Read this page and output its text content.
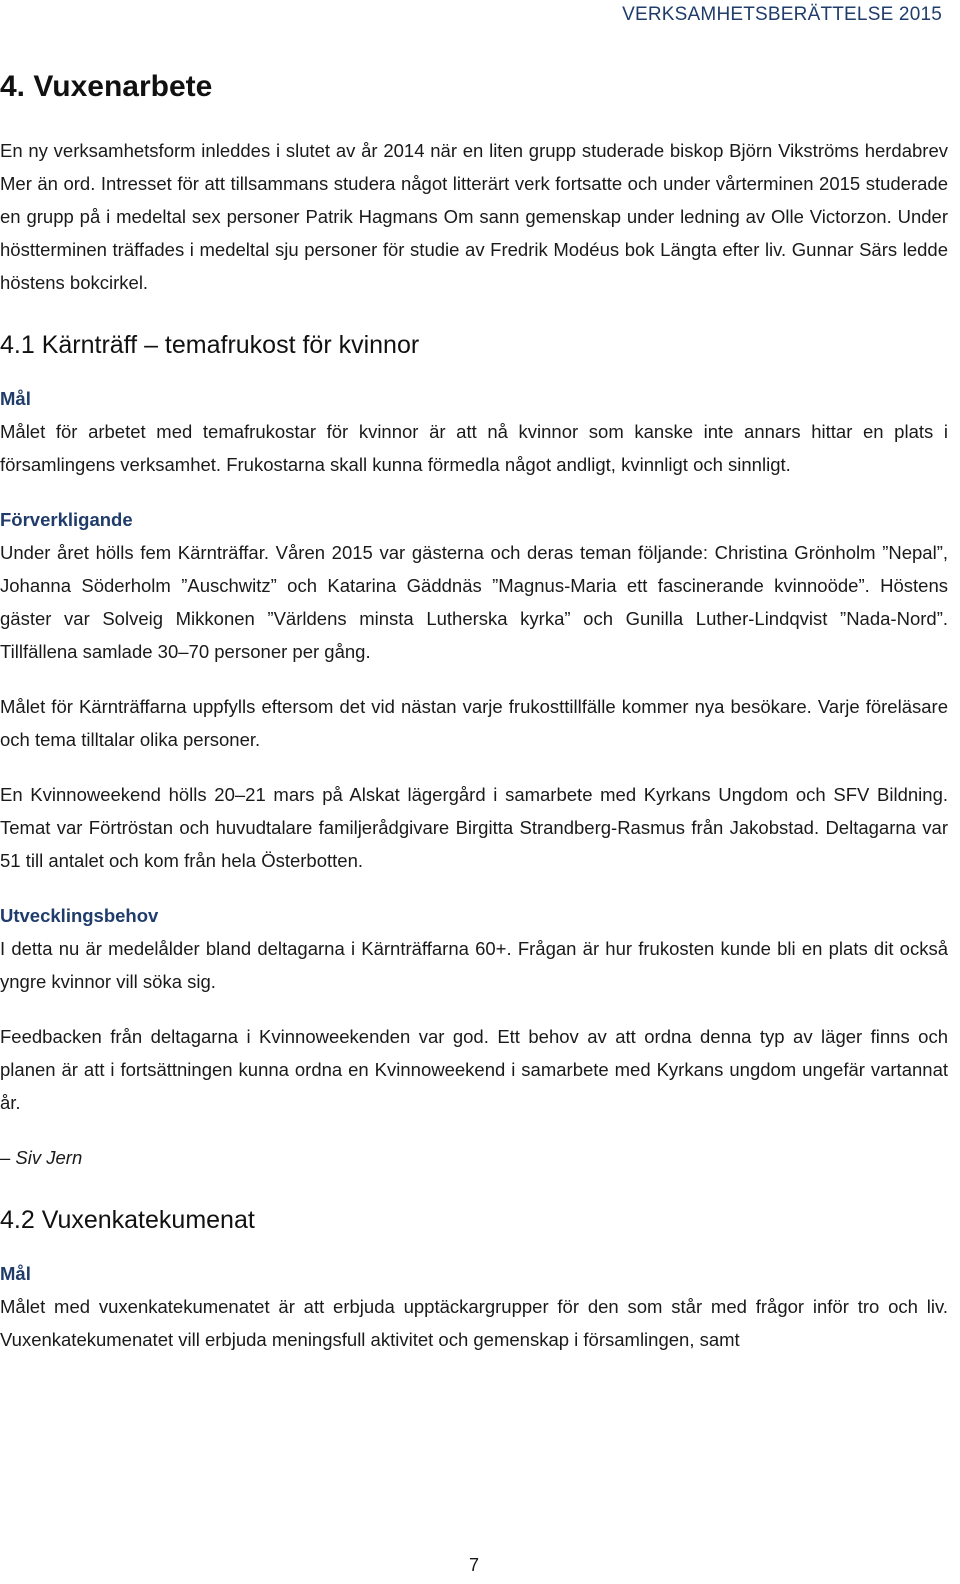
VERKSAMHETSBERÄTTELSE 2015
4. Vuxenarbete

En ny verksamhetsform inleddes i slutet av år 2014 när en liten grupp studerade biskop Björn Vikströms herdabrev Mer än ord. Intresset för att tillsammans studera något litterärt verk fortsatte och under vårterminen 2015 studerade en grupp på i medeltal sex personer Patrik Hagmans Om sann gemenskap under ledning av Olle Victorzon. Under höstterminen träffades i medeltal sju personer för studie av Fredrik Modéus bok Längta efter liv. Gunnar Särs ledde höstens bokcirkel.

4.1 Kärnträff – temafrukost för kvinnor
Mål

Målet för arbetet med temafrukostar för kvinnor är att nå kvinnor som kanske inte annars hittar en plats i församlingens verksamhet. Frukostarna skall kunna förmedla något andligt, kvinnligt och sinnligt.

Förverkligande

Under året hölls fem Kärnträffar. Våren 2015 var gästerna och deras teman följande: Christina Grönholm ”Nepal”, Johanna Söderholm ”Auschwitz” och Katarina Gäddnäs ”Magnus-Maria ett fascinerande kvinnoöde”. Höstens gäster var Solveig Mikkonen ”Världens minsta Lutherska kyrka” och Gunilla Luther-Lindqvist ”Nada-Nord”. Tillfällena samlade 30–70 personer per gång.

Målet för Kärnträffarna uppfylls eftersom det vid nästan varje frukosttillfälle kommer nya besökare. Varje föreläsare och tema tilltalar olika personer.

En Kvinnoweekend hölls 20–21 mars på Alskat lägergård i samarbete med Kyrkans Ungdom och SFV Bildning. Temat var Förtröstan och huvudtalare familjerådgivare Birgitta Strandberg-Rasmus från Jakobstad. Deltagarna var 51 till antalet och kom från hela Österbotten.

Utvecklingsbehov

I detta nu är medelålder bland deltagarna i Kärnträffarna 60+. Frågan är hur frukosten kunde bli en plats dit också yngre kvinnor vill söka sig.

Feedbacken från deltagarna i Kvinnoweekenden var god. Ett behov av att ordna denna typ av läger finns och planen är att i fortsättningen kunna ordna en Kvinnoweekend i samarbete med Kyrkans ungdom ungefär vartannat år.

– Siv Jern

4.2 Vuxenkatekumenat
Mål

Målet med vuxenkatekumenatet är att erbjuda upptäckargrupper för den som står med frågor inför tro och liv. Vuxenkatekumenatet vill erbjuda meningsfull aktivitet och gemenskap i församlingen, samt

7
